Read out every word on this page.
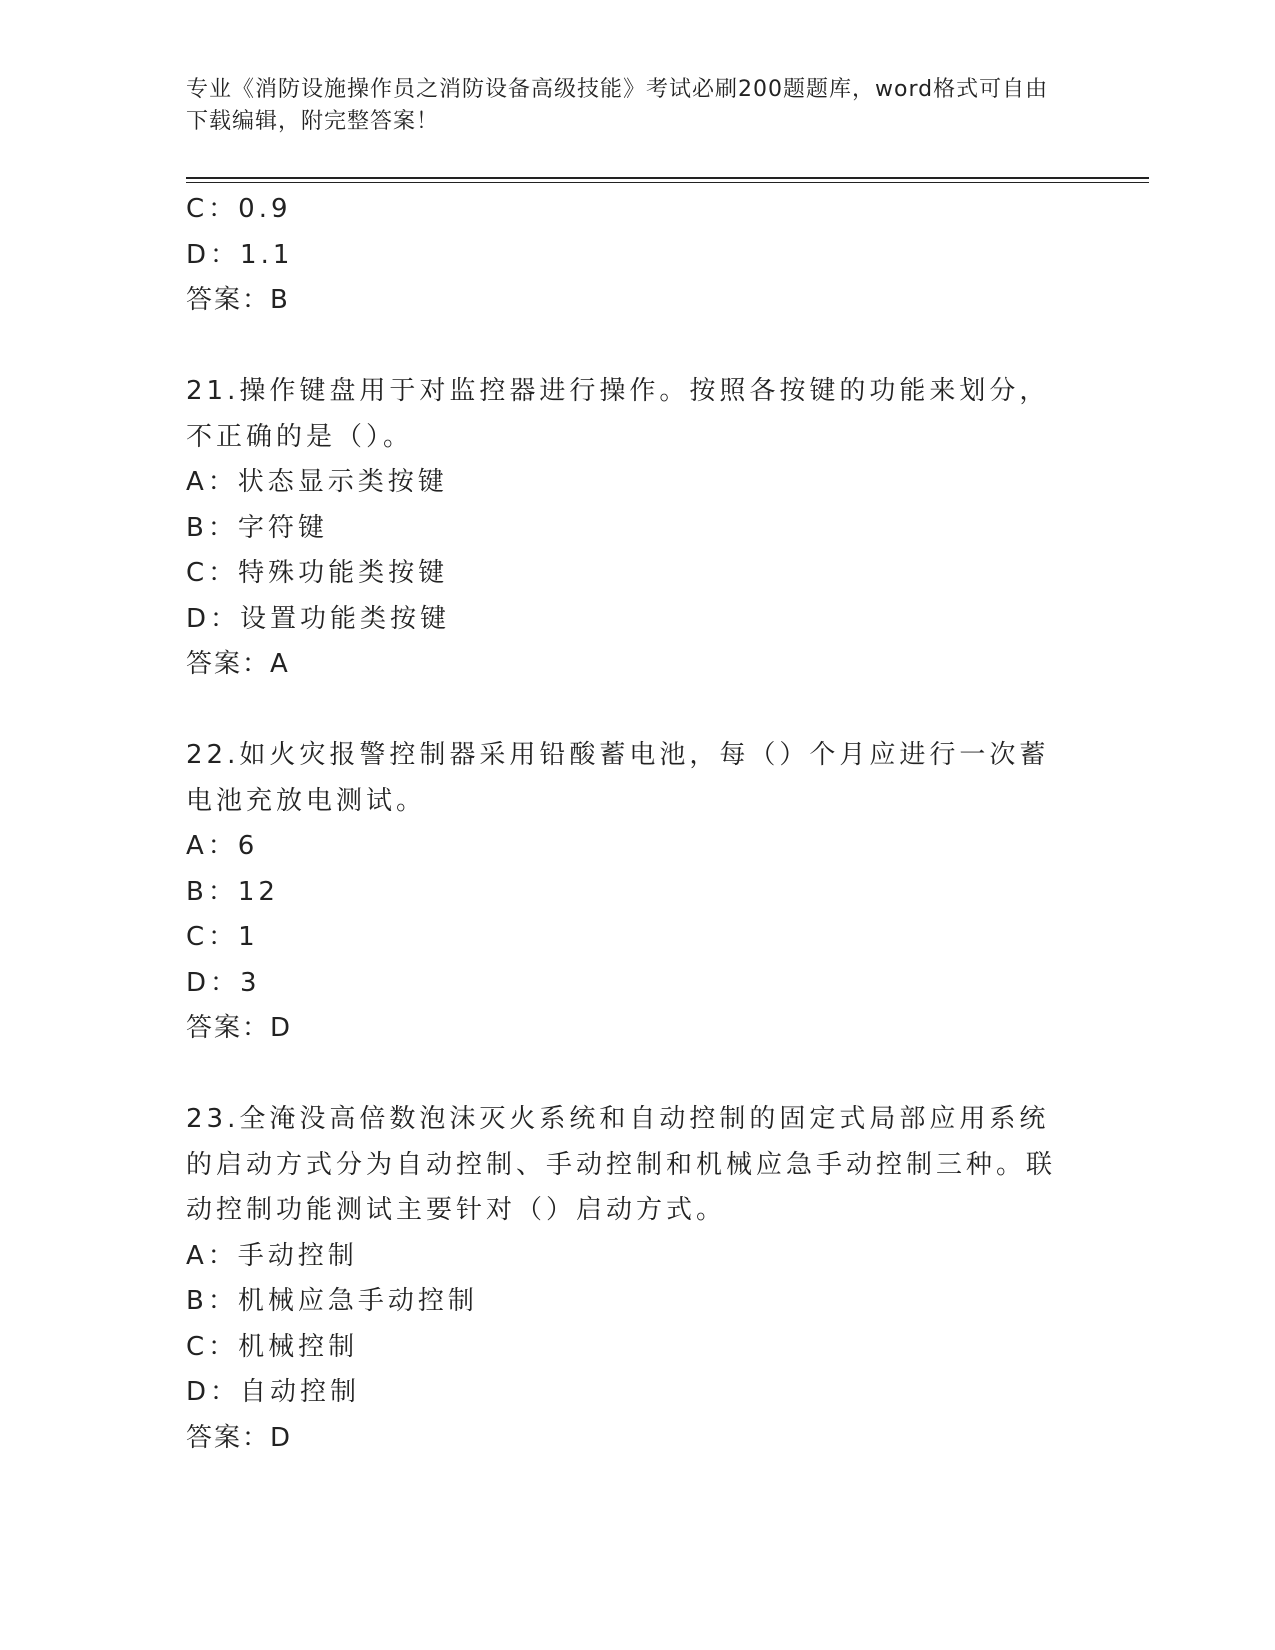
专业《消防设施操作员之消防设备高级技能》考试必刷200题题库，word格式可自由下载编辑，附完整答案！
C：0.9
D：1.1
答案：B
21.操作键盘用于对监控器进行操作。按照各按键的功能来划分，不正确的是（）。
A：状态显示类按键
B：字符键
C：特殊功能类按键
D：设置功能类按键
答案：A
22.如火灾报警控制器采用铅酸蓄电池，每（）个月应进行一次蓄电池充放电测试。
A：6
B：12
C：1
D：3
答案：D
23.全淹没高倍数泡沫灭火系统和自动控制的固定式局部应用系统的启动方式分为自动控制、手动控制和机械应急手动控制三种。联动控制功能测试主要针对（）启动方式。
A：手动控制
B：机械应急手动控制
C：机械控制
D：自动控制
答案：D
